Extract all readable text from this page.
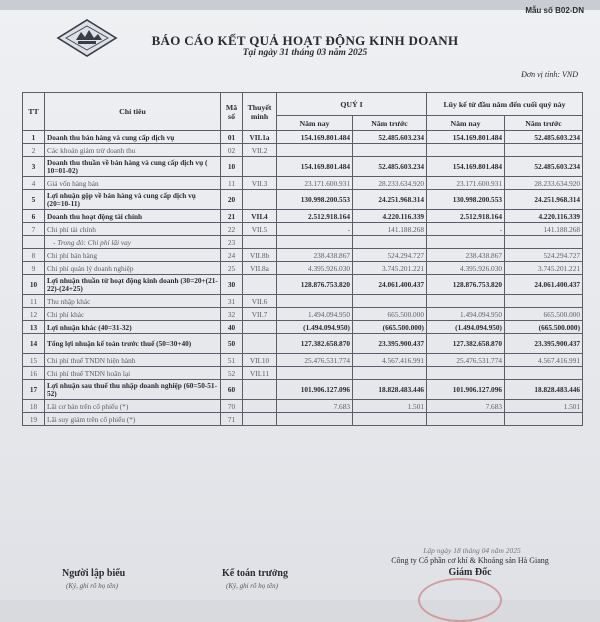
Mẫu số B02-DN
BÁO CÁO KẾT QUẢ HOẠT ĐỘNG KINH DOANH
Tại ngày 31 tháng 03 năm 2025
Đơn vị tính: VND
TT	Chỉ tiêu	Mã số	Thuyết minh	QUÝ I		Lũy kế từ đầu năm đến cuối quý này	
				Năm nay	Năm trước	Năm nay	Năm trước
1	Doanh thu bán hàng và cung cấp dịch vụ	01	VII.1a	154.169.801.484	52.485.603.234	154.169.801.484	52.485.603.234
2	Các khoản giảm trừ doanh thu	02	VII.2				
3	Doanh thu thuần về bán hàng và cung cấp dịch vụ ( 10=01-02)	10		154.169.801.484	52.485.603.234	154.169.801.484	52.485.603.234
4	Giá vốn hàng bán	11	VII.3	23.171.600.931	28.233.634.920	23.171.600.931	28.233.634.920
5	Lợi nhuận gộp về bán hàng và cung cấp dịch vụ (20=10-11)	20		130.998.200.553	24.251.968.314	130.998.200.553	24.251.968.314
6	Doanh thu hoạt động tài chính	21	VII.4	2.512.918.164	4.220.116.339	2.512.918.164	4.220.116.339
7	Chi phí tài chính	22	VII.5	-	141.188.268	-	141.188.268
	- Trong đó: Chi phí lãi vay	23					
8	Chi phí bán hàng	24	VII.8b	238.438.867	524.294.727	238.438.867	524.294.727
9	Chi phí quản lý doanh nghiệp	25	VII.8a	4.395.926.030	3.745.201.221	4.395.926.030	3.745.201.221
10	Lợi nhuận thuần từ hoạt động kinh doanh (30=20+(21-22)-(24+25)	30		128.876.753.820	24.061.400.437	128.876.753.820	24.061.400.437
11	Thu nhập khác	31	VII.6				
12	Chi phí khác	32	VII.7	1.494.094.950	665.500.000	1.494.094.950	665.500.000
13	Lợi nhuận khác (40=31-32)	40		(1.494.094.950)	(665.500.000)	(1.494.094.950)	(665.500.000)
14	Tổng lợi nhuận kế toán trước thuế (50=30+40)	50		127.382.658.870	23.395.900.437	127.382.658.870	23.395.900.437
15	Chi phí thuế TNDN hiện hành	51	VII.10	25.476.531.774	4.567.416.991	25.476.531.774	4.567.416.991
16	Chi phí thuế TNDN hoãn lại	52	VII.11				
17	Lợi nhuận sau thuế thu nhập doanh nghiệp (60=50-51-52)	60		101.906.127.096	18.828.483.446	101.906.127.096	18.828.483.446
18	Lãi cơ bản trên cổ phiếu (*)	70		7.683	1.501	7.683	1.501
19	Lãi suy giảm trên cổ phiếu (*)	71					
Lập ngày 18 tháng 04 năm 2025
Công ty Cổ phần cơ khí & Khoáng sản Hà Giang
Giám Đốc
Người lập biểu
(Ký, ghi rõ họ tên)
Kế toán trưởng
(Ký, ghi rõ họ tên)
